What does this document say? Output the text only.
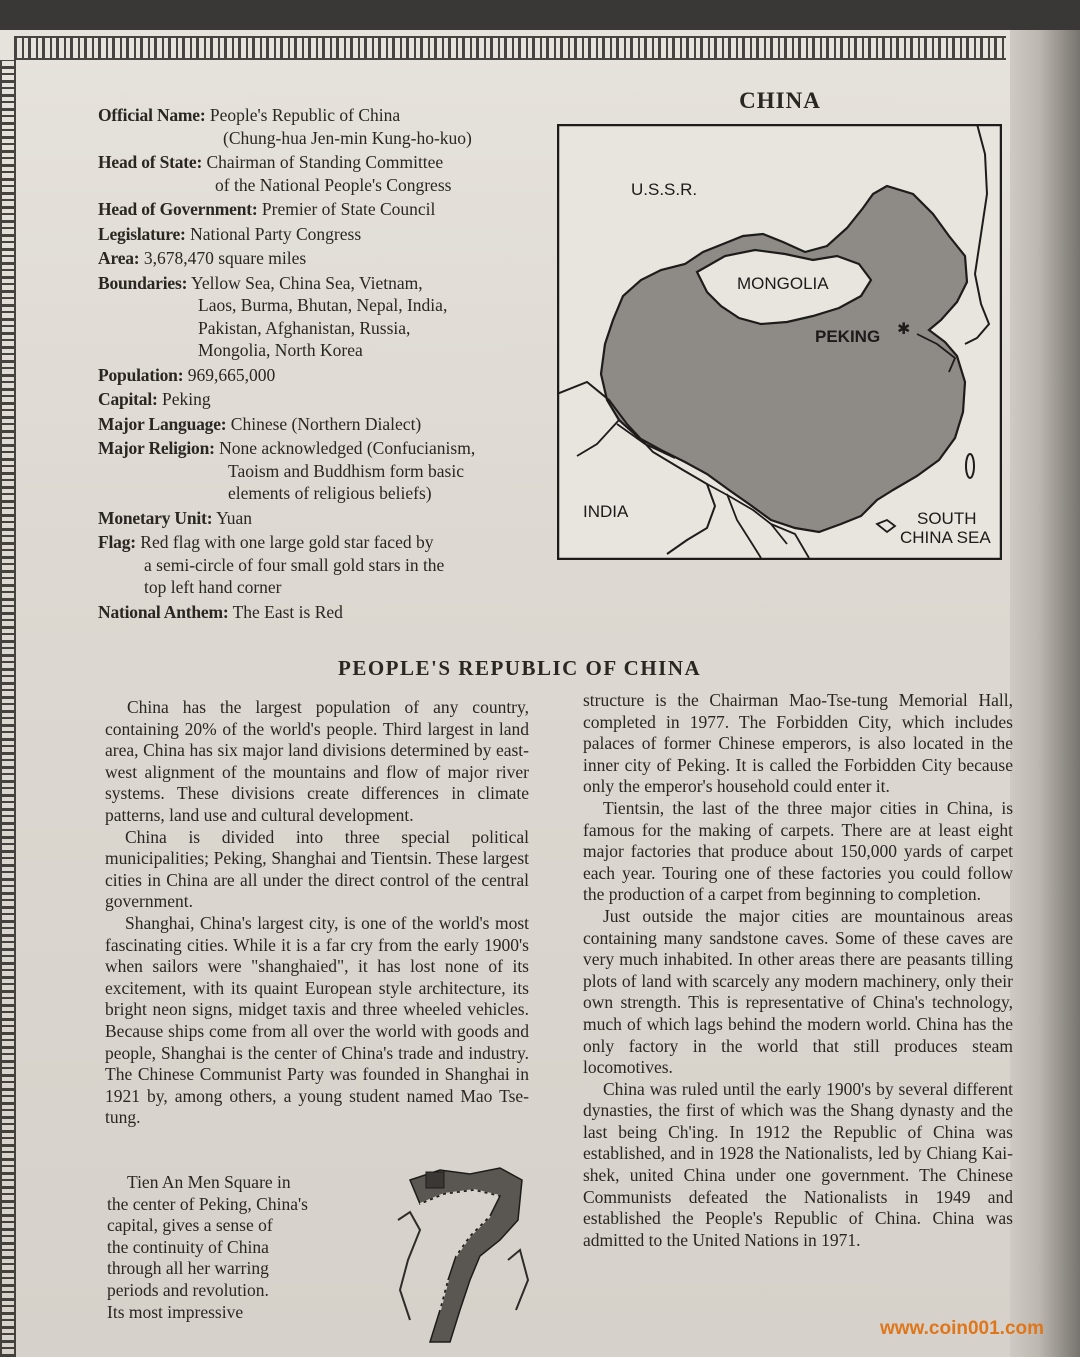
Official Name: People's Republic of China
(Chung-hua Jen-min Kung-ho-kuo)
Head of State: Chairman of Standing Committee
of the National People's Congress
Head of Government: Premier of State Council
Legislature: National Party Congress
Area: 3,678,470 square miles
Boundaries: Yellow Sea, China Sea, Vietnam,
Laos, Burma, Bhutan, Nepal, India,
Pakistan, Afghanistan, Russia,
Mongolia, North Korea
Population: 969,665,000
Capital: Peking
Major Language: Chinese (Northern Dialect)
Major Religion: None acknowledged (Confucianism,
Taoism and Buddhism form basic
elements of religious beliefs)
Monetary Unit: Yuan
Flag: Red flag with one large gold star faced by
a semi-circle of four small gold stars in the
top left hand corner
National Anthem: The East is Red
CHINA
✱
U.S.S.R.
MONGOLIA
PEKING
INDIA	SOUTH
CHINA SEA
PEOPLE'S REPUBLIC OF CHINA

China has the largest population of any country, containing 20% of the world's people. Third largest in land area, China has six major land divisions determined by east-west alignment of the mountains and flow of major river systems. These divisions create differences in climate patterns, land use and cultural development.

China is divided into three special political municipalities; Peking, Shanghai and Tientsin. These largest cities in China are all under the direct control of the central government.

Shanghai, China's largest city, is one of the world's most fascinating cities. While it is a far cry from the early 1900's when sailors were "shanghaied", it has lost none of its excitement, with its quaint European style architecture, its bright neon signs, midget taxis and three wheeled vehicles. Because ships come from all over the world with goods and people, Shanghai is the center of China's trade and industry. The Chinese Communist Party was founded in Shanghai in 1921 by, among others, a young student named Mao Tse-tung.

Tien An Men Square in

the center of Peking, China's

capital, gives a sense of

the continuity of China

through all her warring

periods and revolution.

Its most impressive

structure is the Chairman Mao-Tse-tung Memorial Hall, completed in 1977. The Forbidden City, which includes palaces of former Chinese emperors, is also located in the inner city of Peking. It is called the Forbidden City because only the emperor's household could enter it.

Tientsin, the last of the three major cities in China, is famous for the making of carpets. There are at least eight major factories that produce about 150,000 yards of carpet each year. Touring one of these factories you could follow the production of a carpet from beginning to completion.

Just outside the major cities are mountainous areas containing many sandstone caves. Some of these caves are very much inhabited. In other areas there are peasants tilling plots of land with scarcely any modern machinery, only their own strength. This is representative of China's technology, much of which lags behind the modern world. China has the only factory in the world that still produces steam locomotives.

China was ruled until the early 1900's by several different dynasties, the first of which was the Shang dynasty and the last being Ch'ing. In 1912 the Republic of China was established, and in 1928 the Nationalists, led by Chiang Kai-shek, united China under one government. The Chinese Communists defeated the Nationalists in 1949 and established the People's Republic of China. China was admitted to the United Nations in 1971.

www.coin001.com
